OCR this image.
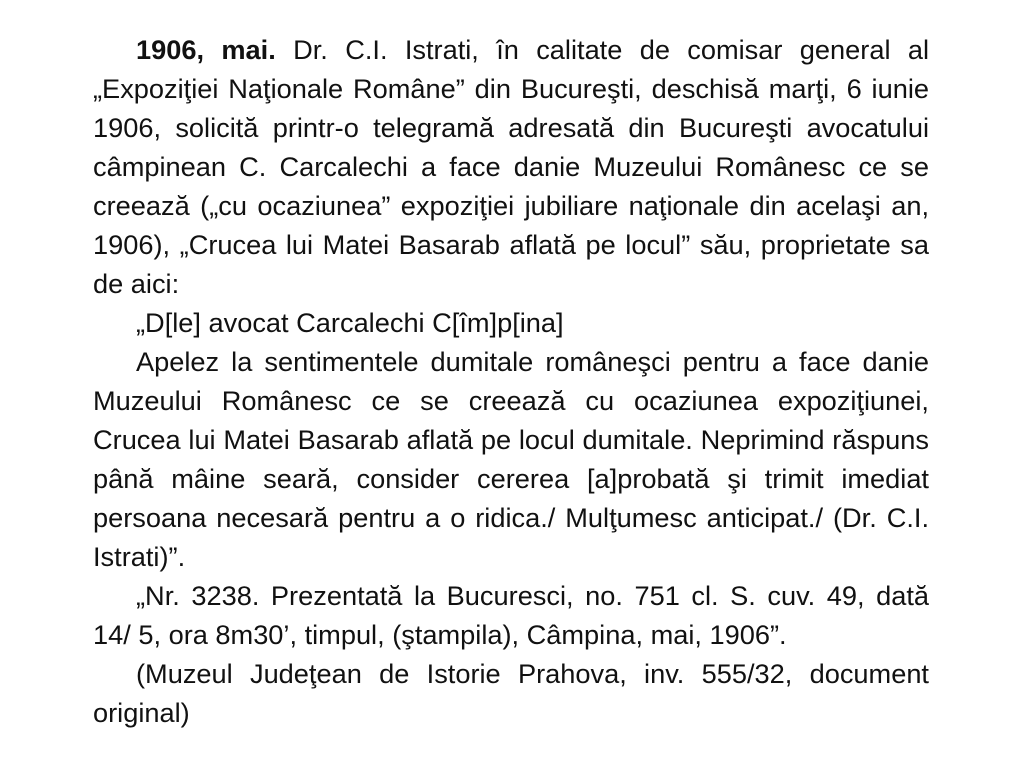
1906, mai. Dr. C.I. Istrati, în calitate de comisar general al „Expoziţiei Naţionale Române” din Bucureşti, deschisă marţi, 6 iunie 1906, solicită printr-o telegramă adresată din Bucureşti avocatului câmpinean C. Carcalechi a face danie Muzeului Românesc ce se creează („cu ocaziunea” expoziţiei jubiliare naţionale din acelaşi an, 1906), „Crucea lui Matei Basarab aflată pe locul” său, proprietate sa de aici:

„D[le] avocat Carcalechi C[îm]p[ina]

Apelez la sentimentele dumitale româneşci pentru a face danie Muzeului Românesc ce se creează cu ocaziunea expoziţiunei, Crucea lui Matei Basarab aflată pe locul dumitale. Neprimind răspuns până mâine seară, consider cererea [a]probată şi trimit imediat persoana necesară pentru a o ridica./ Mulţumesc anticipat./ (Dr. C.I. Istrati)”.

„Nr. 3238. Prezentată la Bucuresci, no. 751 cl. S. cuv. 49, dată 14/ 5, ora 8m30’, timpul, (ştampila), Câmpina, mai, 1906”.

(Muzeul Judeţean de Istorie Prahova, inv. 555/32, document original)
